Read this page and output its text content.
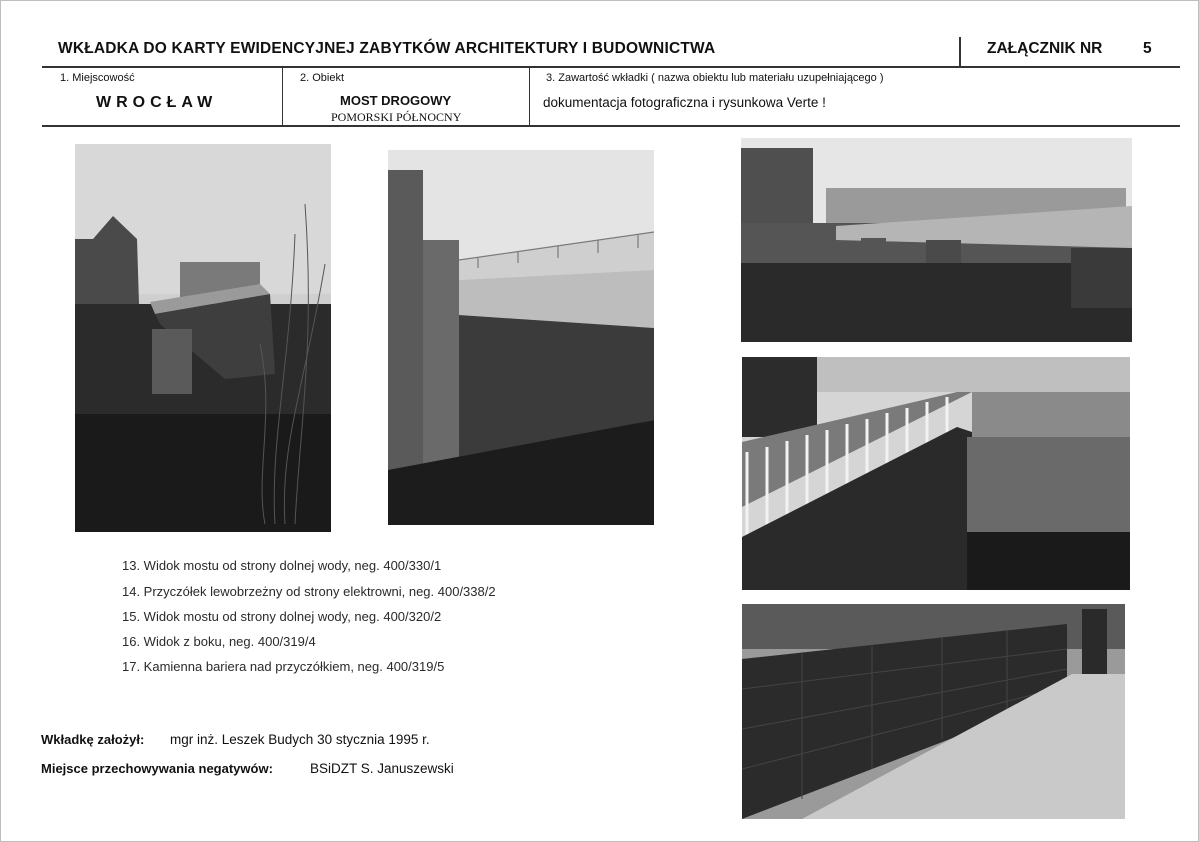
WKŁADKA DO KARTY EWIDENCYJNEJ ZABYTKÓW ARCHITEKTURY I BUDOWNICTWA	ZAŁĄCZNIK NR	5
1. Miejscowość
WROCŁAW
2. Obiekt
MOST DROGOWY
POMORSKI PÓŁNOCNY
3. Zawartość wkładki ( nazwa obiektu lub materiału uzupełniającego )
dokumentacja fotograficzna i rysunkowa Verte !
13. Widok mostu od strony dolnej wody, neg. 400/330/1
14. Przyczółek lewobrzeżny od strony elektrowni, neg. 400/338/2
15. Widok mostu od strony dolnej wody, neg. 400/320/2
16. Widok z boku, neg. 400/319/4
17. Kamienna bariera nad przyczółkiem, neg. 400/319/5
Wkładkę założył: mgr inż. Leszek Budych 30 stycznia 1995 r.
Miejsce przechowywania negatywów:	BSiDZT S. Januszewski
